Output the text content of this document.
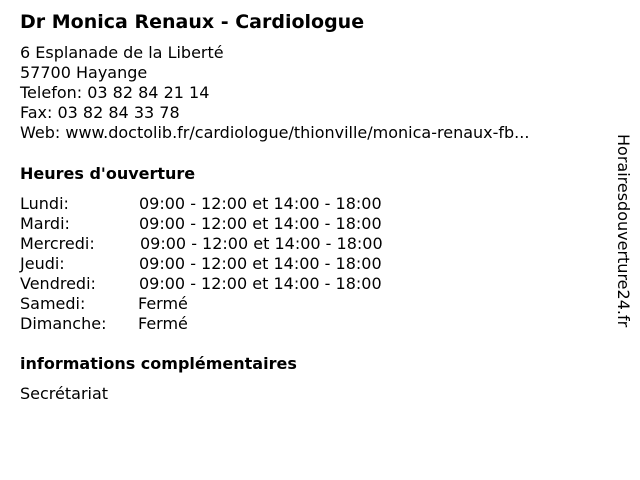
Dr Monica Renaux - Cardiologue
6 Esplanade de la Liberté
57700 Hayange
Telefon: 03 82 84 21 14
Fax: 03 82 84 33 78
Web: www.doctolib.fr/cardiologue/thionville/monica-renaux-fb...
Heures d'ouverture
Lundi:	09:00 - 12:00 et 14:00 - 18:00
Mardi:	09:00 - 12:00 et 14:00 - 18:00
Mercredi:	09:00 - 12:00 et 14:00 - 18:00
Jeudi:	09:00 - 12:00 et 14:00 - 18:00
Vendredi:	09:00 - 12:00 et 14:00 - 18:00
Samedi:	Fermé
Dimanche: Fermé
informations complémentaires
Secrétariat
Horairesdouverture24.fr
